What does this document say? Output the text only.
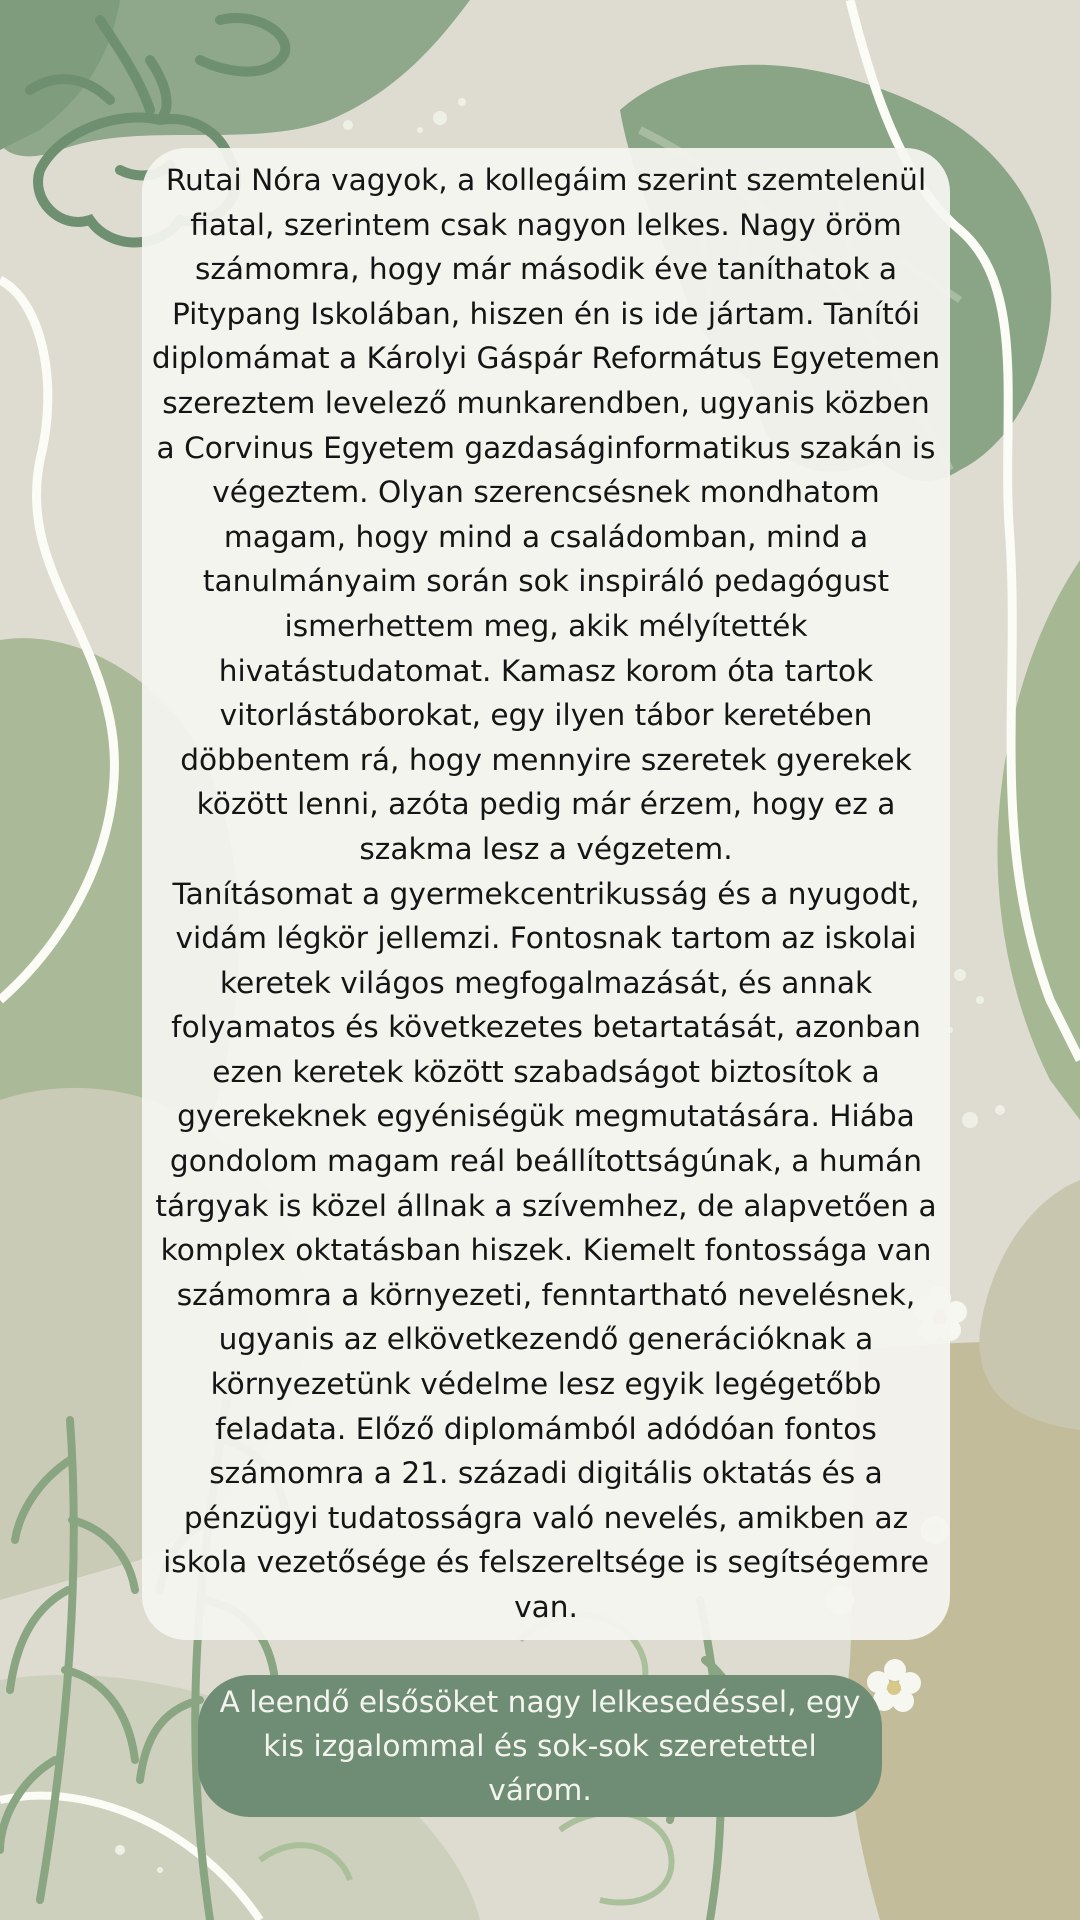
Rutai Nóra vagyok, a kollegáim szerint szemtelenül fiatal, szerintem csak nagyon lelkes. Nagy öröm számomra, hogy már második éve taníthatok a Pitypang Iskolában, hiszen én is ide jártam. Tanítói diplomámat a Károlyi Gáspár Református Egyetemen szereztem levelező munkarendben, ugyanis közben a Corvinus Egyetem gazdaságinformatikus szakán is végeztem. Olyan szerencsésnek mondhatom magam, hogy mind a családomban, mind a tanulmányaim során sok inspiráló pedagógust ismerhettem meg, akik mélyítették hivatástudatomat. Kamasz korom óta tartok vitorlástáborokat, egy ilyen tábor keretében döbbentem rá, hogy mennyire szeretek gyerekek között lenni, azóta pedig már érzem, hogy ez a szakma lesz a végzetem.

Tanításomat a gyermekcentrikusság és a nyugodt, vidám légkör jellemzi. Fontosnak tartom az iskolai keretek világos megfogalmazását, és annak folyamatos és következetes betartatását, azonban ezen keretek között szabadságot biztosítok a gyerekeknek egyéniségük megmutatására. Hiába gondolom magam reál beállítottságúnak, a humán tárgyak is közel állnak a szívemhez, de alapvetően a komplex oktatásban hiszek. Kiemelt fontossága van számomra a környezeti, fenntartható nevelésnek, ugyanis az elkövetkezendő generációknak a környezetünk védelme lesz egyik legégetőbb feladata. Előző diplomámból adódóan fontos számomra a 21. századi digitális oktatás és a pénzügyi tudatosságra való nevelés, amikben az iskola vezetősége és felszereltsége is segítségemre van.

A leendő elsősöket nagy lelkesedéssel, egy kis izgalommal és sok-sok szeretettel várom.
